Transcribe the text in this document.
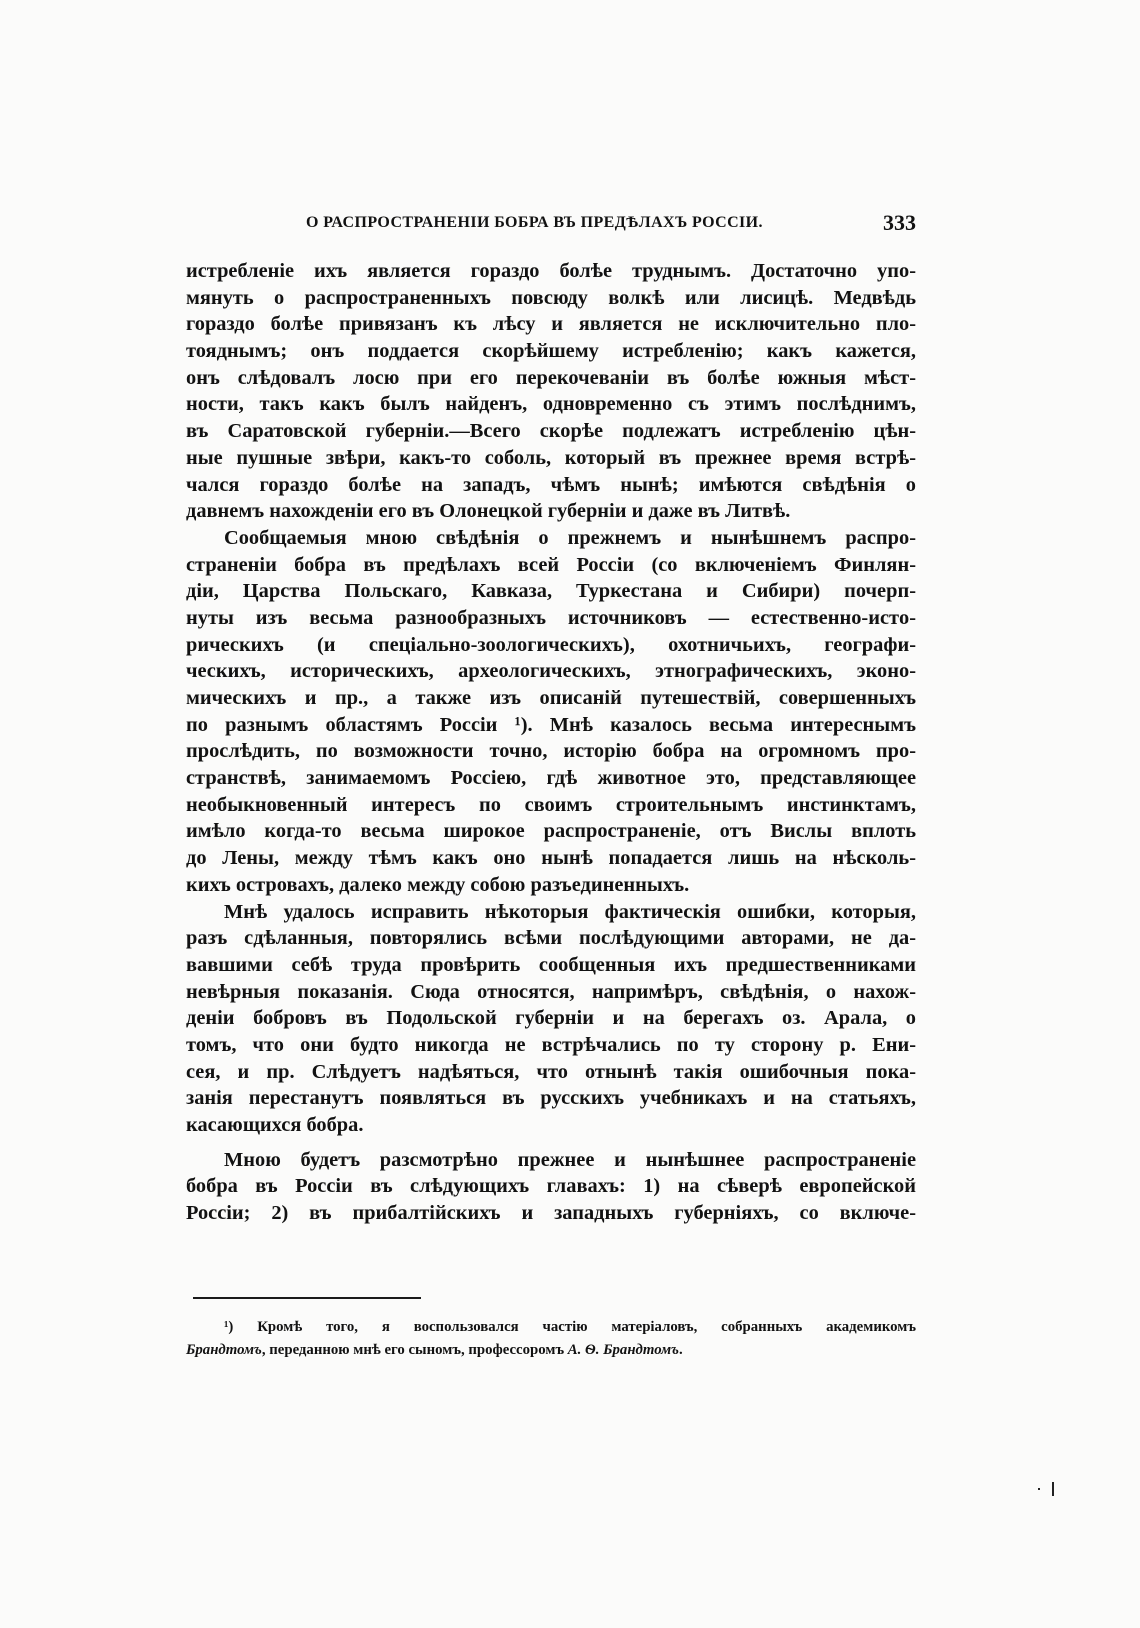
О РАСПРОСТРАНЕНІИ БОБРА ВЪ ПРЕДѢЛАХЪ РОССІИ.	333
истребленіе ихъ является гораздо болѣе труднымъ. Достаточно упо-
мянуть о распространенныхъ повсюду волкѣ или лисицѣ. Медвѣдь
гораздо болѣе привязанъ къ лѣсу и является не исключительно пло-
тояднымъ; онъ поддается скорѣйшему истребленію; какъ кажется,
онъ слѣдовалъ лосю при его перекочеваніи въ болѣе южныя мѣст-
ности, такъ какъ былъ найденъ, одновременно съ этимъ послѣднимъ,
въ Саратовской губерніи.—Всего скорѣе подлежатъ истребленію цѣн-
ные пушные звѣри, какъ-то соболь, который въ прежнее время встрѣ-
чался гораздо болѣе на западъ, чѣмъ нынѣ; имѣются свѣдѣнія о
давнемъ нахожденіи его въ Олонецкой губерніи и даже въ Литвѣ.
Сообщаемыя мною свѣдѣнія о прежнемъ и нынѣшнемъ распро-
страненіи бобра въ предѣлахъ всей Россіи (со включеніемъ Финлян-
діи, Царства Польскаго, Кавказа, Туркестана и Сибири) почерп-
нуты изъ весьма разнообразныхъ источниковъ — естественно-истo-
рическихъ (и спеціально-зоологическихъ), охотничьихъ, географи-
ческихъ, историческихъ, археологическихъ, этнографическихъ, эконо-
мическихъ и пр., а также изъ описаній путешествій, совершенныхъ
по разнымъ областямъ Россіи ¹). Мнѣ казалось весьма интереснымъ
прослѣдить, по возможности точно, исторію бобра на огромномъ про-
странствѣ, занимаемомъ Россіею, гдѣ животное это, представляющее
необыкновенный интересъ по своимъ строительнымъ инстинктамъ,
имѣло когда-то весьма широкое распространеніе, отъ Вислы вплоть
до Лены, между тѣмъ какъ оно нынѣ попадается лишь на нѣсколь-
кихъ островахъ, далеко между собою разъединенныхъ.
Мнѣ удалось исправить нѣкоторыя фактическія ошибки, которыя,
разъ сдѣланныя, повторялись всѣми послѣдующими авторами, не да-
вавшими себѣ труда провѣрить сообщенныя ихъ предшественниками
невѣрныя показанія. Сюда относятся, напримѣръ, свѣдѣнія, о нахож-
деніи бобровъ въ Подольской губерніи и на берегахъ оз. Арала, о
томъ, что они будто никогда не встрѣчались по ту сторону р. Ени-
сея, и пр. Слѣдуетъ надѣяться, что отнынѣ такія ошибочныя пока-
занія перестанутъ появляться въ русскихъ учебникахъ и на статьяхъ,
касающихся бобра.
Мною будетъ разсмотрѣно прежнее и нынѣшнее распространеніе
бобра въ Россіи въ слѣдующихъ главахъ: 1) на сѣверѣ европейской
Россіи; 2) въ прибалтійскихъ и западныхъ губерніяхъ, со включе-
¹) Кромѣ того, я воспользовался частію матеріаловъ, собранныхъ академикомъ
Брандтомъ, переданною мнѣ его сыномъ, профессоромъ А. Ѳ. Брандтомъ.
